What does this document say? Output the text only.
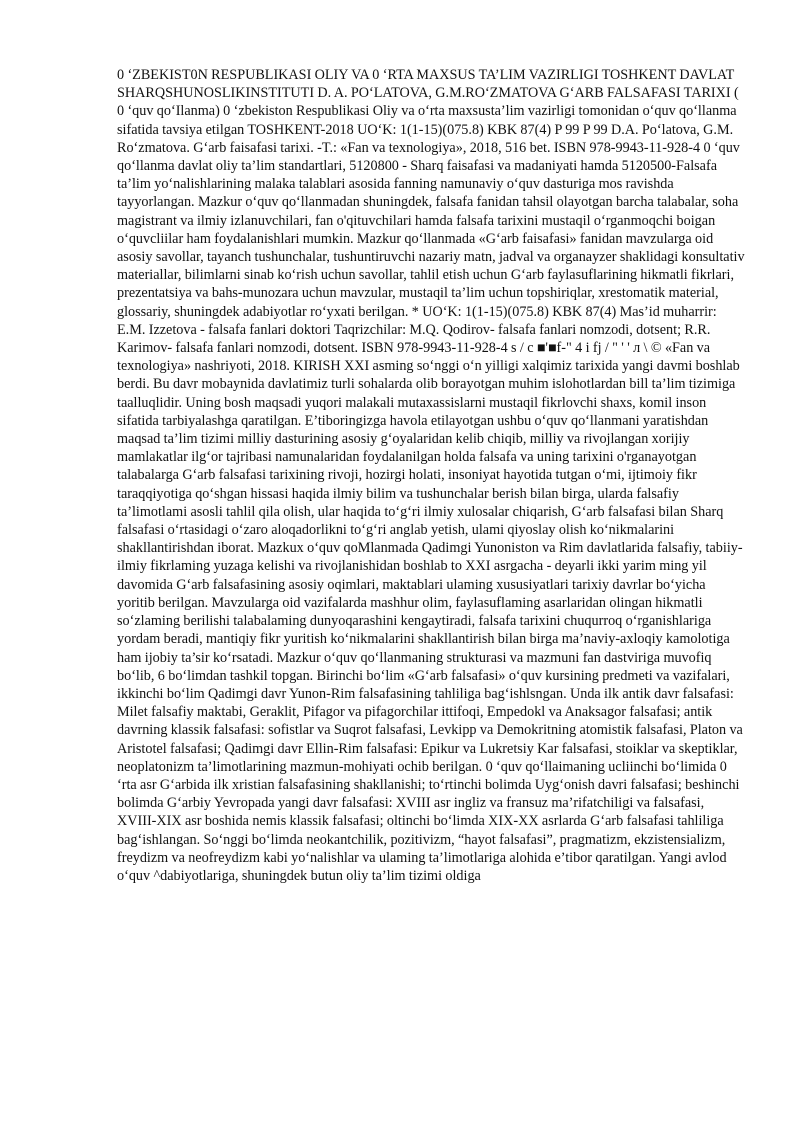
0 ‘ZBEKIST0N RESPUBLIKASI OLIY VA 0 ‘RTA MAXSUS TA’LIM VAZIRLIGI TOSHKENT DAVLAT SHARQSHUNOSLIKINSTITUTI D. A. PO‘LATOVA, G.M.RO‘ZMATOVA G‘ARB FALSAFASI TARIXI ( 0 ‘quv qo‘Ilanma) 0 ‘zbekiston Respublikasi Oliy va o‘rta maxsusta’lim vazirligi tomonidan o‘quv qo‘llanma sifatida tavsiya etilgan TOSHKENT-2018 UO‘K: 1(1-15)(075.8) KBK 87(4) P 99 P 99 D.A. Po‘latova, G.M. Ro‘zmatova. G‘arb faisafasi tarixi. -T.: «Fan va texnologiya», 2018, 516 bet. ISBN 978-9943-11-928-4 0 ‘quv qo‘llanma davlat oliy ta’lim standartlari, 5120800 - Sharq faisafasi va madaniyati hamda 5120500-Falsafa ta’lim yo‘nalishlarining malaka talablari asosida fanning namunaviy o‘quv dasturiga mos ravishda tayyorlangan. Mazkur o‘quv qo‘llanmadan shuningdek, falsafa fanidan tahsil olayotgan barcha talabalar, soha magistrant va ilmiy izlanuvchilari, fan o'qituvchilari hamda falsafa tarixini mustaqil o‘rganmoqchi boigan o‘quvcliilar ham foydalanishlari mumkin. Mazkur qo‘llanmada «G‘arb faisafasi» fanidan mavzularga oid asosiy savollar, tayanch tushunchalar, tushuntiruvchi nazariy matn, jadval va organayzer shaklidagi konsultativ materiallar, bilimlarni sinab ko‘rish uchun savollar, tahlil etish uchun G‘arb faylasuflarining hikmatli fikrlari, prezentatsiya va bahs-munozara uchun mavzular, mustaqil ta’lim uchun topshiriqlar, xrestomatik material, glossariy, shuningdek adabiyotlar ro‘yxati berilgan. * UO‘K: 1(1-15)(075.8) KBK 87(4) Mas’id muharrir: E.M. Izzetova - falsafa fanlari doktori Taqrizchilar: M.Q. Qodirov- falsafa fanlari nomzodi, dotsent; R.R. Karimov- falsafa fanlari nomzodi, dotsent. ISBN 978-9943-11-928-4 s / c ■'■f-" 4 i fj / " ' ' л \ © «Fan va texnologiya» nashriyoti, 2018. KIRISH XXI asming so‘nggi o‘n yilligi xalqimiz tarixida yangi davmi boshlab berdi. Bu davr mobaynida davlatimiz turli sohalarda olib borayotgan muhim islohotlardan bill ta’lim tizimiga taalluqlidir. Uning bosh maqsadi yuqori malakali mutaxassislarni mustaqil fikrlovchi shaxs, komil inson sifatida tarbiyalashga qaratilgan. E’tiboringizga havola etilayotgan ushbu o‘quv qo‘llanmani yaratishdan maqsad ta’lim tizimi milliy dasturining asosiy g‘oyalaridan kelib chiqib, milliy va rivojlangan xorijiy mamlakatlar ilg‘or tajribasi namunalaridan foydalanilgan holda falsafa va uning tarixini o'rganayotgan talabalarga G‘arb falsafasi tarixining rivoji, hozirgi holati, insoniyat hayotida tutgan o‘mi, ijtimoiy fikr taraqqiyotiga qo‘shgan hissasi haqida ilmiy bilim va tushunchalar berish bilan birga, ularda falsafiy ta’limotlami asosli tahlil qila olish, ular haqida to‘g‘ri ilmiy xulosalar chiqarish, G‘arb falsafasi bilan Sharq falsafasi o‘rtasidagi o‘zaro aloqadorlikni to‘g‘ri anglab yetish, ulami qiyoslay olish ko‘nikmalarini shakllantirishdan iborat. Mazkux o‘quv qoMlanmada Qadimgi Yunoniston va Rim davlatlarida falsafiy, tabiiy-ilmiy fikrlaming yuzaga kelishi va rivojlanishidan boshlab to XXI asrgacha - deyarli ikki yarim ming yil davomida G‘arb falsafasining asosiy oqimlari, maktablari ulaming xususiyatlari tarixiy davrlar bo‘yicha yoritib berilgan. Mavzularga oid vazifalarda mashhur olim, faylasuflaming asarlaridan olingan hikmatli so‘zlaming berilishi talabalaming dunyoqarashini kengaytiradi, falsafa tarixini chuqurroq o‘rganishlariga yordam beradi, mantiqiy fikr yuritish ko‘nikmalarini shakllantirish bilan birga ma’naviy-axloqiy kamolotiga ham ijobiy ta’sir ko‘rsatadi. Mazkur o‘quv qo‘llanmaning strukturasi va mazmuni fan dastviriga muvofiq bo‘lib, 6 bo‘limdan tashkil topgan. Birinchi bo‘lim «G‘arb falsafasi» o‘quv kursining predmeti va vazifalari, ikkinchi bo‘lim Qadimgi davr Yunon-Rim falsafasining tahliliga bag‘ishlsngan. Unda ilk antik davr falsafasi: Milet falsafiy maktabi, Geraklit, Pifagor va pifagorchilar ittifoqi, Empedokl va Anaksagor falsafasi; antik davrning klassik falsafasi: sofistlar va Suqrot falsafasi, Levkipp va Demokritning atomistik falsafasi, Platon va Aristotel falsafasi; Qadimgi davr Ellin-Rim falsafasi: Epikur va Lukretsiy Kar falsafasi, stoiklar va skeptiklar, neoplatonizm ta’limotlarining mazmun-mohiyati ochib berilgan. 0 ‘quv qo‘llaimaning ucliinchi bo‘limida 0 ‘rta asr G‘arbida ilk xristian falsafasining shakllanishi; to‘rtinchi bolimda Uyg‘onish davri falsafasi; beshinchi bolimda G‘arbiy Yevropada yangi davr falsafasi: XVIII asr ingliz va fransuz ma’rifatchiligi va falsafasi, XVIII-XIX asr boshida nemis klassik falsafasi; oltinchi bo‘limda XIX-XX asrlarda G‘arb falsafasi tahliliga bag‘ishlangan. So‘nggi bo‘limda neokantchilik, pozitivizm, “hayot falsafasi”, pragmatizm, ekzistensializm, freydizm va neofreydizm kabi yo‘nalishlar va ulaming ta’limotlariga alohida e’tibor qaratilgan. Yangi avlod o‘quv ^dabiyotlariga, shuningdek butun oliy ta’lim tizimi oldiga
